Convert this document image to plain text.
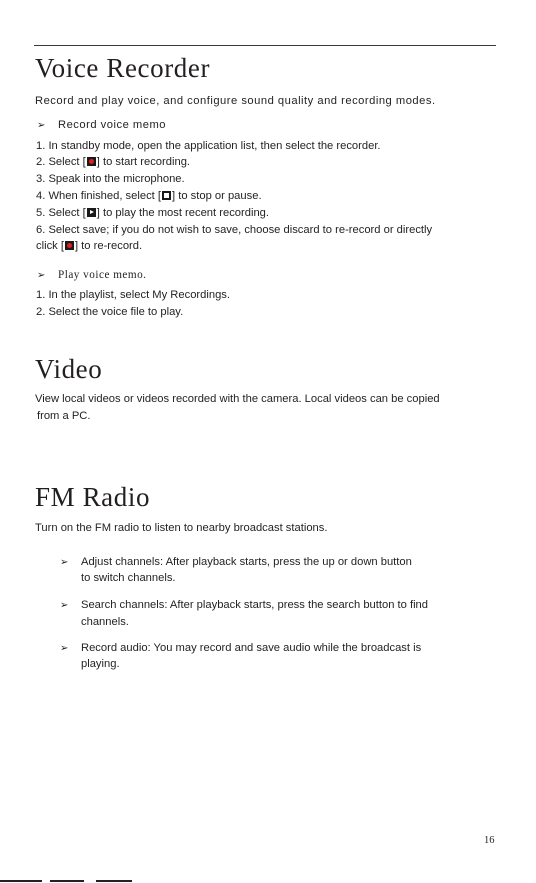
Voice Recorder
Record and play voice, and configure sound quality and recording modes.
➢ Record voice memo
1. In standby mode, open the application list, then select the recorder.
2. Select [ ] to start recording.
3. Speak into the microphone.
4. When finished, select [ ] to stop or pause.
5. Select [ ] to play the most recent recording.
6. Select save; if you do not wish to save, choose discard to re-record or directly
click [ ] to re-record.
➢ Play voice memo.
1. In the playlist, select My Recordings.
2. Select the voice file to play.
Video
View local videos or videos recorded with the camera. Local videos can be copied
from a PC.
FM Radio
Turn on the FM radio to listen to nearby broadcast stations.
➢ Adjust channels: After playback starts, press the up or down button
to switch channels.
➢ Search channels: After playback starts, press the search button to find
channels.
➢ Record audio: You may record and save audio while the broadcast is
playing.
16
